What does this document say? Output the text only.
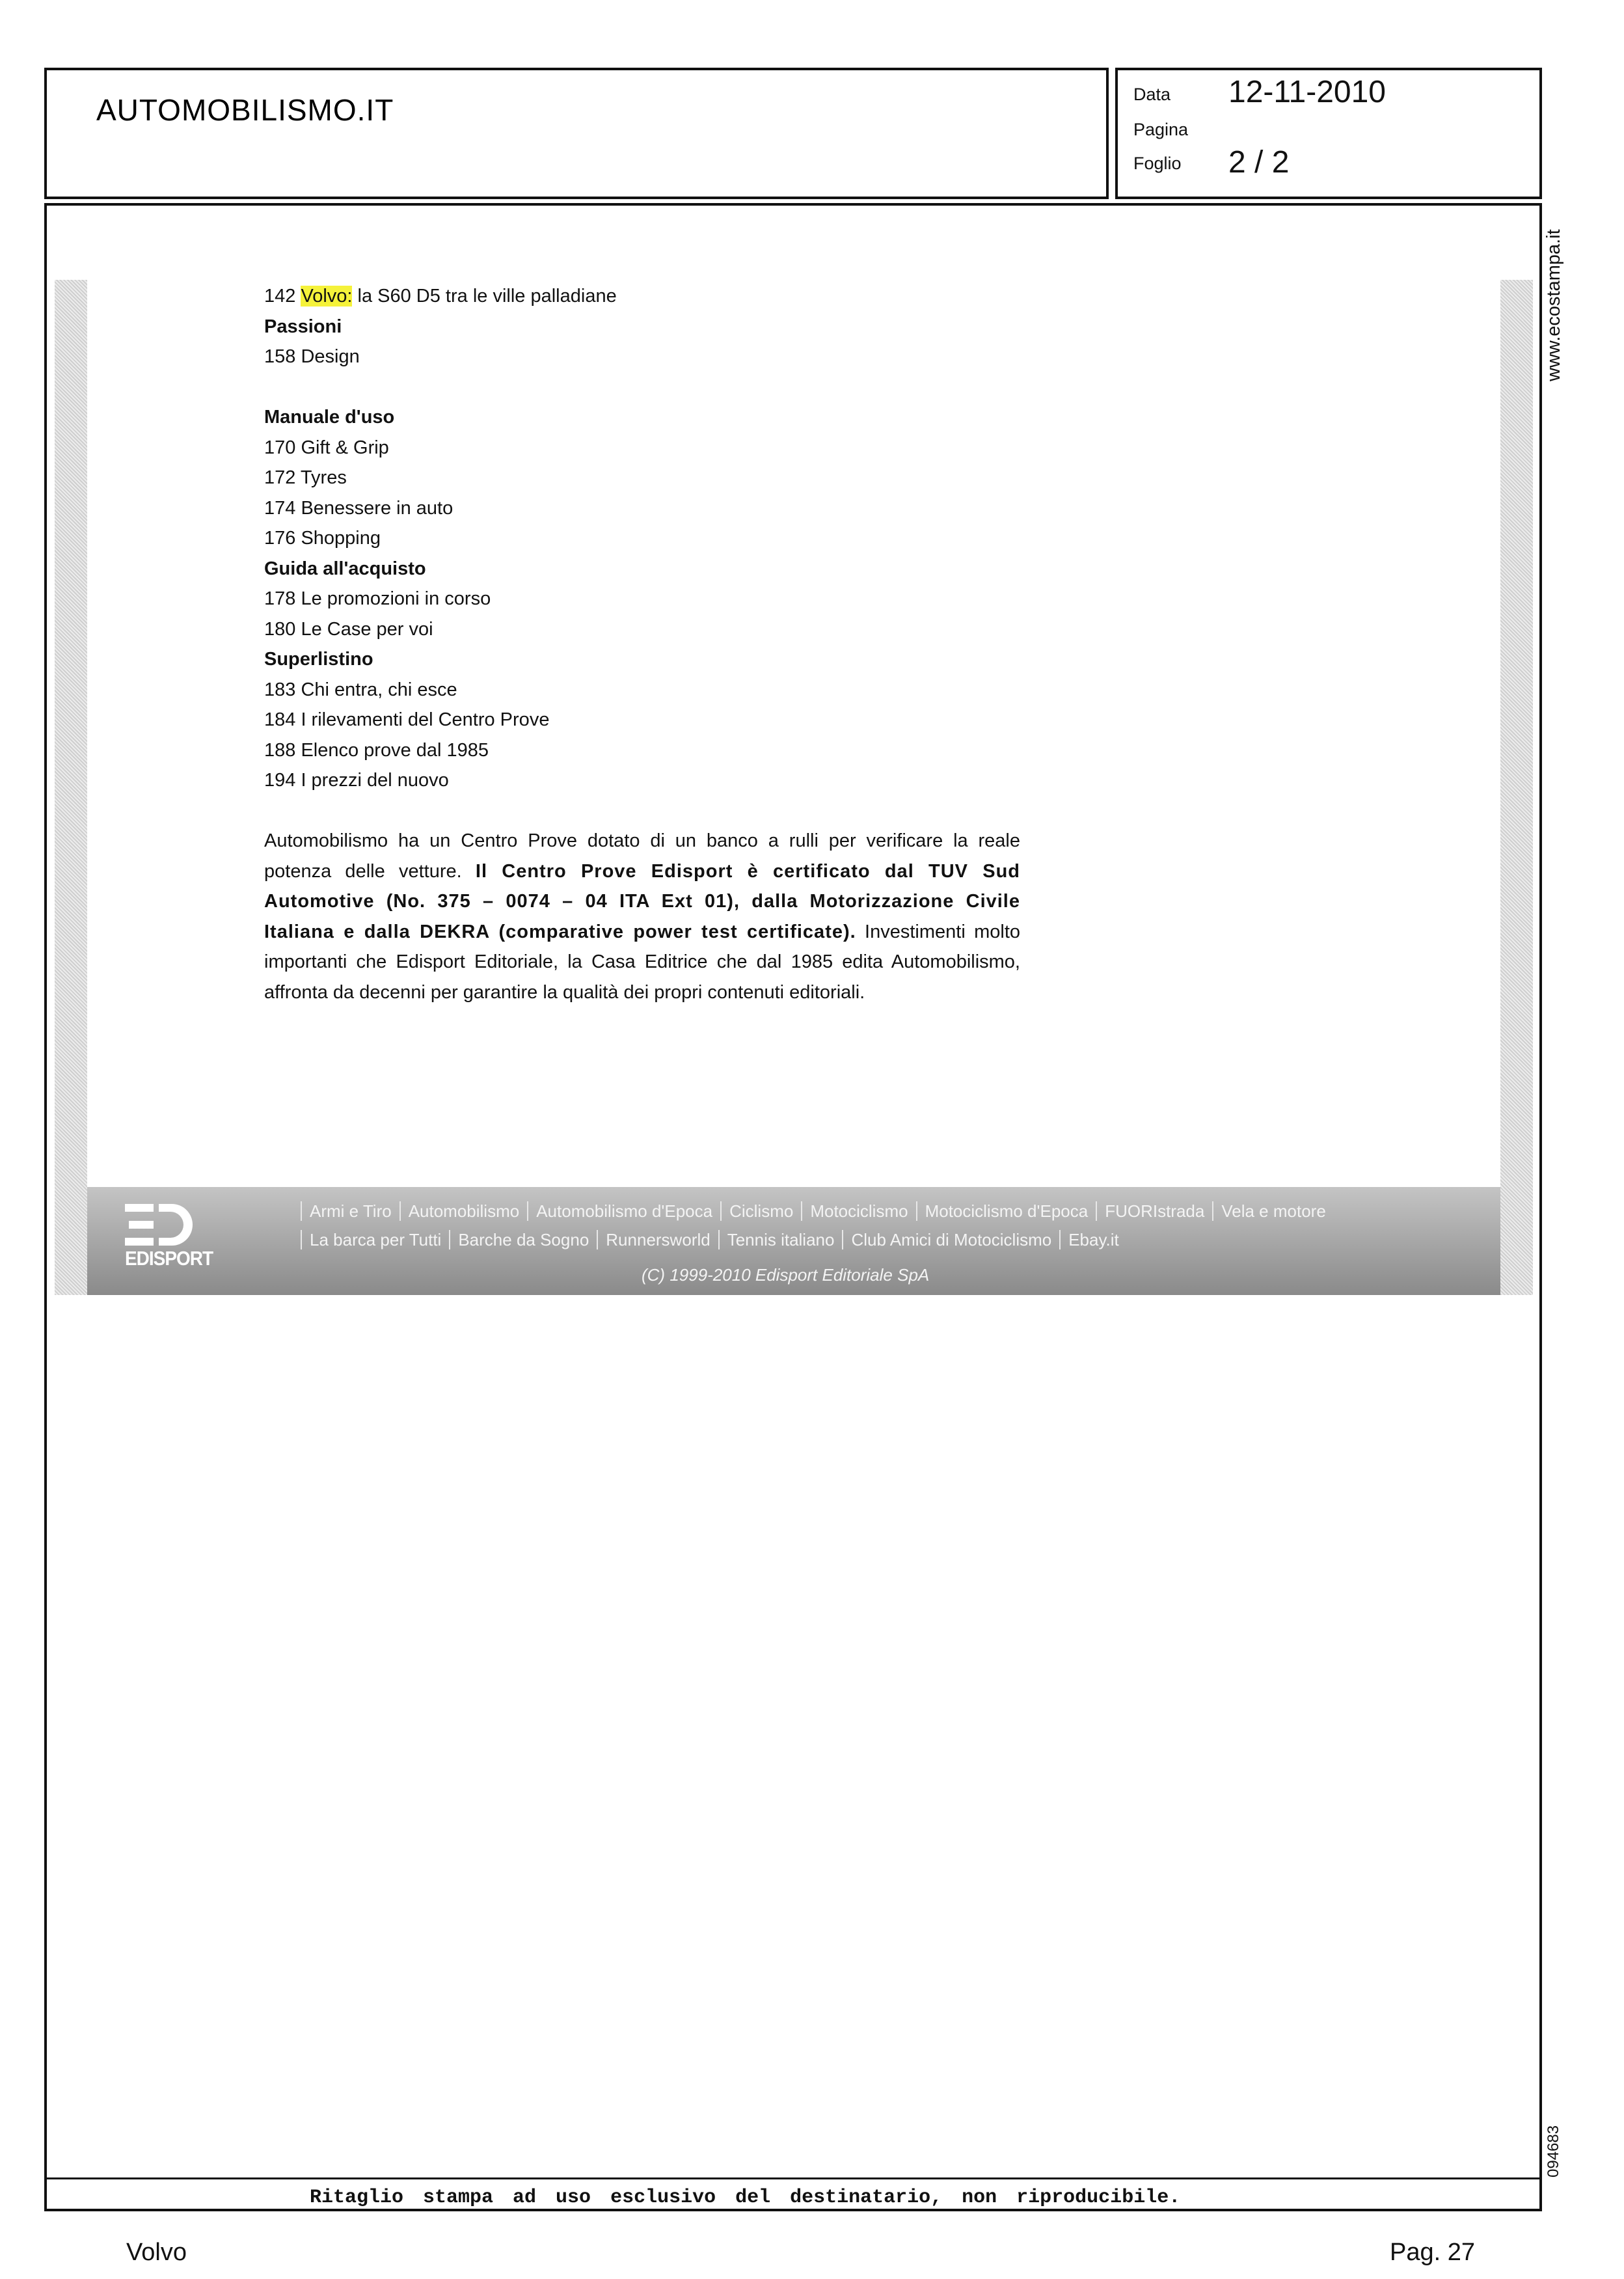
AUTOMOBILISMO.IT	Data 12-11-2010
Pagina
Foglio 2 / 2
142 Volvo: la S60 D5 tra le ville palladiane
Passioni
158 Design
Manuale d'uso
170 Gift & Grip
172 Tyres
174 Benessere in auto
176 Shopping
Guida all'acquisto
178 Le promozioni in corso
180 Le Case per voi
Superlistino
183 Chi entra, chi esce
184 I rilevamenti del Centro Prove
188 Elenco prove dal 1985
194 I prezzi del nuovo
Automobilismo ha un Centro Prove dotato di un banco a rulli per verificare la reale potenza delle vetture. Il Centro Prove Edisport è certificato dal TUV Sud Automotive (No. 375 – 0074 – 04 ITA Ext 01), dalla Motorizzazione Civile Italiana e dalla DEKRA (comparative power test certificate). Investimenti molto importanti che Edisport Editoriale, la Casa Editrice che dal 1985 edita Automobilismo, affronta da decenni per garantire la qualità dei propri contenuti editoriali.
EDISPORT
Armi e Tiro Automobilismo Automobilismo d'Epoca Ciclismo Motociclismo Motociclismo d'Epoca FUORIstrada Vela e motore
La barca per Tutti Barche da Sogno Runnersworld Tennis italiano Club Amici di Motociclismo Ebay.it
(C) 1999-2010 Edisport Editoriale SpA
Ritaglio stampa ad uso esclusivo del destinatario, non riproducibile.
www.ecostampa.it
094683
Volvo	Pag. 27
